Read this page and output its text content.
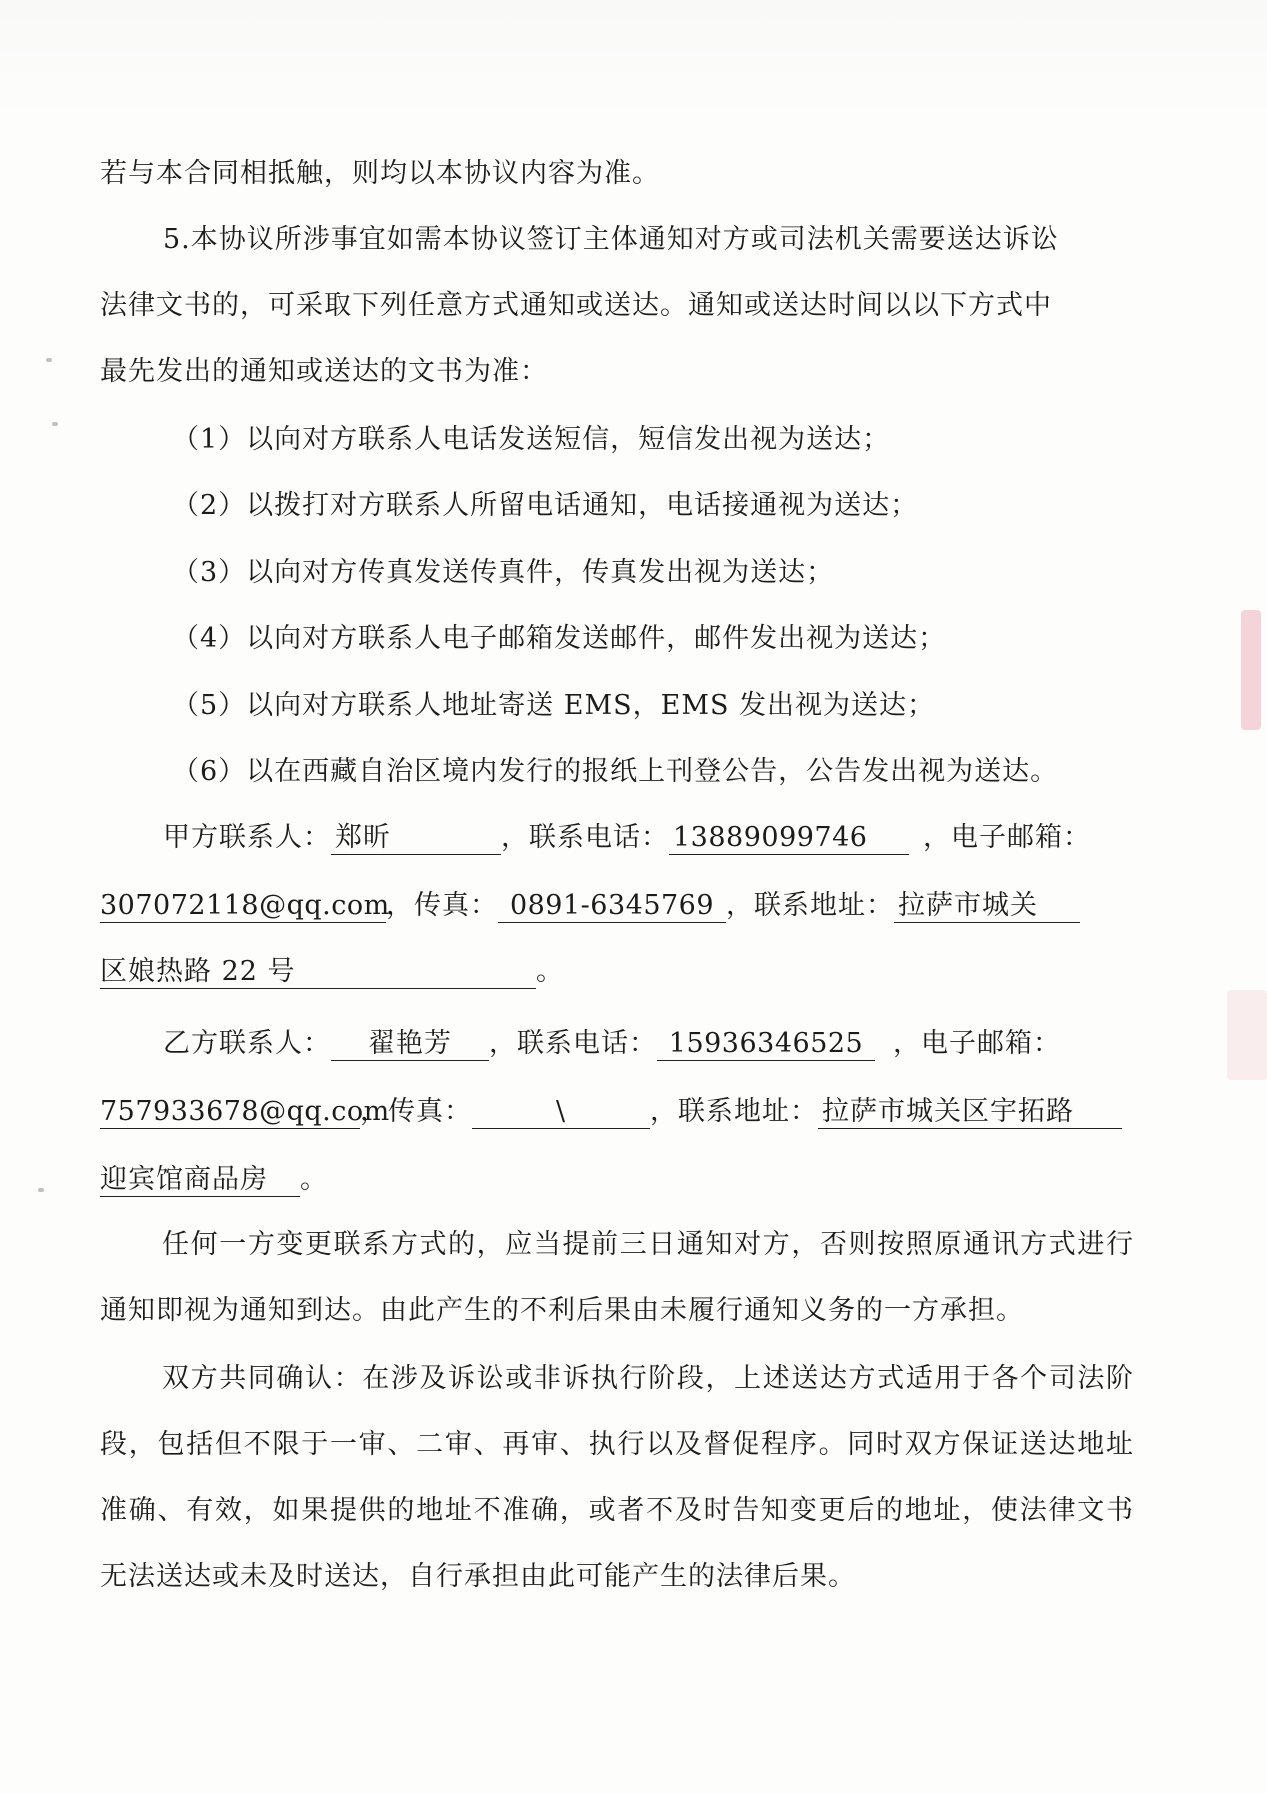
若与本合同相抵触，则均以本协议内容为准。
5.本协议所涉事宜如需本协议签订主体通知对方或司法机关需要送达诉讼
法律文书的，可采取下列任意方式通知或送达。通知或送达时间以以下方式中
最先发出的通知或送达的文书为准：
（1）以向对方联系人电话发送短信，短信发出视为送达；
（2）以拨打对方联系人所留电话通知，电话接通视为送达；
（3）以向对方传真发送传真件，传真发出视为送达；
（4）以向对方联系人电子邮箱发送邮件，邮件发出视为送达；
（5）以向对方联系人地址寄送 EMS，EMS 发出视为送达；
（6）以在西藏自治区境内发行的报纸上刊登公告，公告发出视为送达。
甲方联系人： 郑昕	，联系电话： 13889099746 ，电子邮箱：
307072118@qq.com，传真： 0891-6345769 ，联系地址： 拉萨市城关
区娘热路 22 号	。
乙方联系人： 翟艳芳 ，联系电话： 15936346525 ，电子邮箱：
757933678@qq.com，传真：	\	，联系地址： 拉萨市城关区宇拓路
迎宾馆商品房 。
任何一方变更联系方式的，应当提前三日通知对方，否则按照原通讯方式进行通知即视为通知到达。由此产生的不利后果由未履行通知义务的一方承担。
双方共同确认：在涉及诉讼或非诉执行阶段，上述送达方式适用于各个司法阶段，包括但不限于一审、二审、再审、执行以及督促程序。同时双方保证送达地址准确、有效，如果提供的地址不准确，或者不及时告知变更后的地址，使法律文书无法送达或未及时送达，自行承担由此可能产生的法律后果。
